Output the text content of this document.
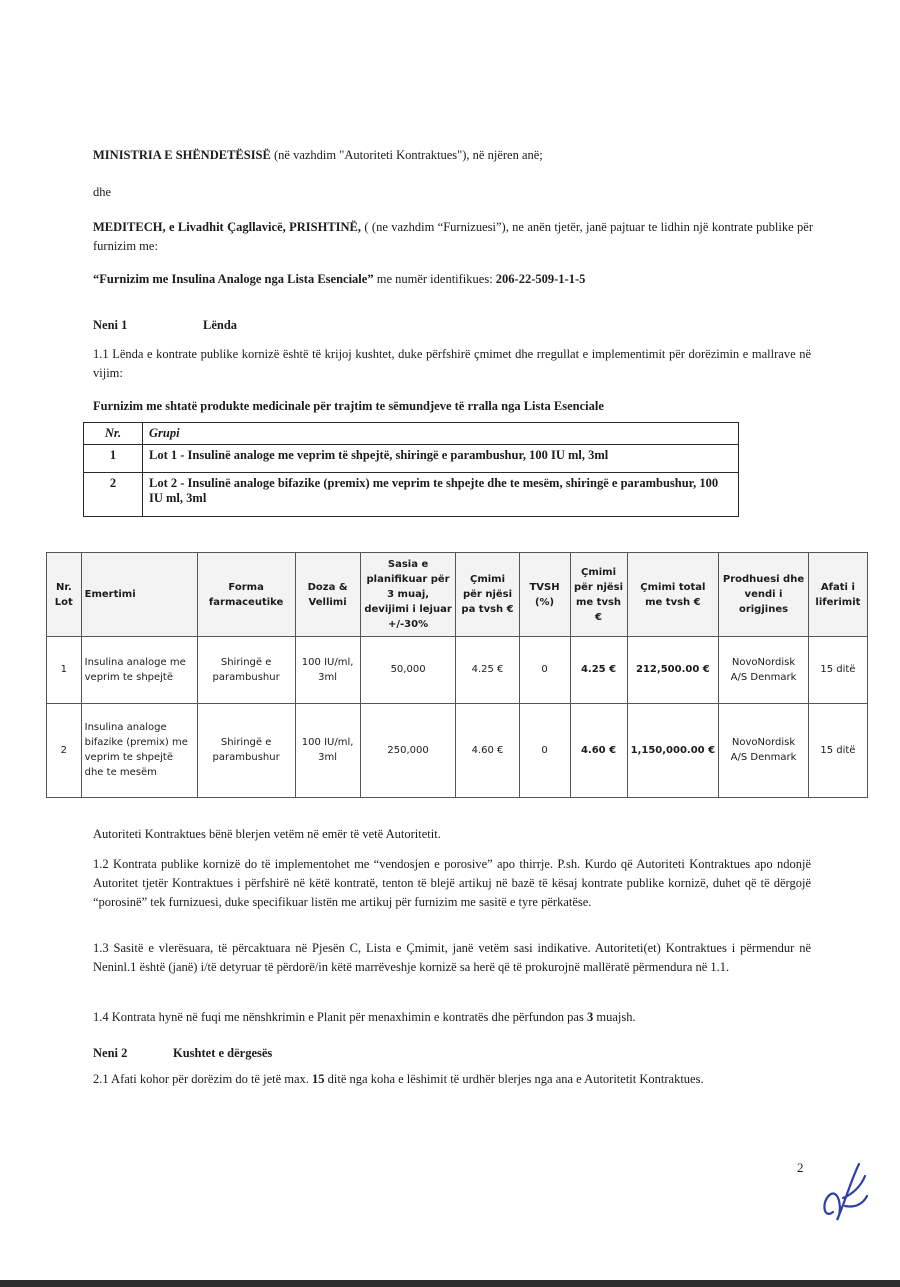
MINISTRIA E SHËNDETËSISË (në vazhdim "Autoriteti Kontraktues"), në njëren anë;
dhe
MEDITECH, e Livadhit Çagllavicë, PRISHTINË, ( (ne vazhdim “Furnizuesi”), ne anën tjetër, janë pajtuar te lidhin një kontrate publike për furnizim me:
“Furnizim me Insulina Analoge nga Lista Esenciale” me numër identifikues: 206-22-509-1-1-5
Neni 1	Lënda
1.1 Lënda e kontrate publike kornizë është të krijoj kushtet, duke përfshirë çmimet dhe rregullat e implementimit për dorëzimin e mallrave në vijim:
Furnizim me shtatë produkte medicinale për trajtim te sëmundjeve të rralla nga Lista Esenciale
Nr.	Grupi
1	Lot 1 - Insulinë analoge me veprim të shpejtë, shiringë e parambushur, 100 IU ml, 3ml
2	Lot 2 - Insulinë analoge bifazike (premix) me veprim te shpejte dhe te mesëm, shiringë e parambushur, 100 IU ml, 3ml
Nr. Lot	Emertimi	Forma farmaceutike	Doza & Vellimi	Sasia e planifikuar për 3 muaj, devijimi i lejuar +/-30%	Çmimi për njësi pa tvsh €	TVSH (%)	Çmimi për njësi me tvsh €	Çmimi total me tvsh €	Prodhuesi dhe vendi i origjines	Afati i liferimit
1	Insulina analoge me veprim te shpejtë	Shiringë e parambushur	100 IU/ml, 3ml	50,000	4.25 €	0	4.25 €	212,500.00 €	NovoNordisk A/S Denmark	15 ditë
2	Insulina analoge bifazike (premix) me veprim te shpejtë dhe te mesëm	Shiringë e parambushur	100 IU/ml, 3ml	250,000	4.60 €	0	4.60 €	1,150,000.00 €	NovoNordisk A/S Denmark	15 ditë
Autoriteti Kontraktues bënë blerjen vetëm në emër të vetë Autoritetit.
1.2 Kontrata publike kornizë do të implementohet me “vendosjen e porosive” apo thirrje. P.sh. Kurdo që Autoriteti Kontraktues apo ndonjë Autoritet tjetër Kontraktues i përfshirë në këtë kontratë, tenton të blejë artikuj në bazë të kësaj kontrate publike kornizë, duhet që të dërgojë “porosinë” tek furnizuesi, duke specifikuar listën me artikuj për furnizim me sasitë e tyre përkatëse.
1.3 Sasitë e vlerësuara, të përcaktuara në Pjesën C, Lista e Çmimit, janë vetëm sasi indikative. Autoriteti(et) Kontraktues i përmendur në Neninl.1 është (janë) i/të detyruar të përdorë/in këtë marrëveshje kornizë sa herë që të prokurojnë mallëratë përmendura në 1.1.
1.4 Kontrata hynë në fuqi me nënshkrimin e Planit për menaxhimin e kontratës dhe përfundon pas 3 muajsh.
Neni 2	Kushtet e dërgesës
2.1 Afati kohor për dorëzim do të jetë max. 15 ditë nga koha e lëshimit të urdhër blerjes nga ana e Autoritetit Kontraktues.
2
